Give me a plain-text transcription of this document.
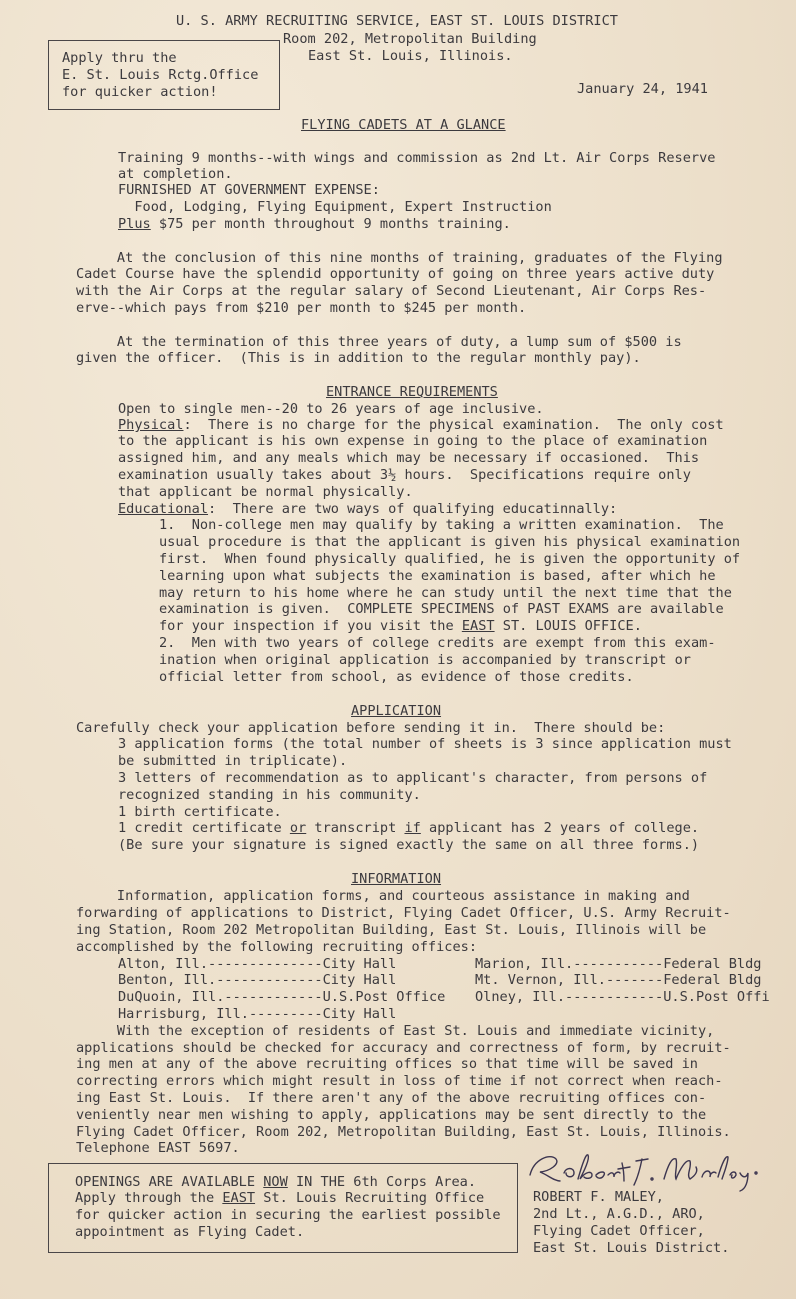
U. S. ARMY RECRUITING SERVICE, EAST ST. LOUIS DISTRICT
Room 202, Metropolitan Building
East St. Louis, Illinois.
January 24, 1941
Apply thru the
E. St. Louis Rctg.Office
for quicker action!
FLYING CADETS AT A GLANCE
Training 9 months--with wings and commission as 2nd Lt. Air Corps Reserve
at completion.
FURNISHED AT GOVERNMENT EXPENSE:
Food, Lodging, Flying Equipment, Expert Instruction
Plus $75 per month throughout 9 months training.
At the conclusion of this nine months of training, graduates of the Flying
Cadet Course have the splendid opportunity of going on three years active duty
with the Air Corps at the regular salary of Second Lieutenant, Air Corps Res-
erve--which pays from $210 per month to $245 per month.
At the termination of this three years of duty, a lump sum of $500 is
given the officer.  (This is in addition to the regular monthly pay).
ENTRANCE REQUIREMENTS
Open to single men--20 to 26 years of age inclusive.
Physical:  There is no charge for the physical examination.  The only cost
to the applicant is his own expense in going to the place of examination
assigned him, and any meals which may be necessary if occasioned.  This
examination usually takes about 3½ hours.  Specifications require only
that applicant be normal physically.
Educational:  There are two ways of qualifying educatinnally:
1.  Non-college men may qualify by taking a written examination.  The
usual procedure is that the applicant is given his physical examination
first.  When found physically qualified, he is given the opportunity of
learning upon what subjects the examination is based, after which he
may return to his home where he can study until the next time that the
examination is given.  COMPLETE SPECIMENS of PAST EXAMS are available
for your inspection if you visit the EAST ST. LOUIS OFFICE.
2.  Men with two years of college credits are exempt from this exam-
ination when original application is accompanied by transcript or
official letter from school, as evidence of those credits.
APPLICATION
Carefully check your application before sending it in.  There should be:
3 application forms (the total number of sheets is 3 since application must
be submitted in triplicate).
3 letters of recommendation as to applicant's character, from persons of
recognized standing in his community.
1 birth certificate.
1 credit certificate or transcript if applicant has 2 years of college.
(Be sure your signature is signed exactly the same on all three forms.)
INFORMATION
Information, application forms, and courteous assistance in making and
forwarding of applications to District, Flying Cadet Officer, U.S. Army Recruit-
ing Station, Room 202 Metropolitan Building, East St. Louis, Illinois will be
accomplished by the following recruiting offices:
Alton, Ill.--------------City Hall
Benton, Ill.-------------City Hall
DuQuoin, Ill.------------U.S.Post Office
Harrisburg, Ill.---------City Hall
Marion, Ill.-----------Federal Bldg
Mt. Vernon, Ill.-------Federal Bldg
Olney, Ill.------------U.S.Post Offi
With the exception of residents of East St. Louis and immediate vicinity,
applications should be checked for accuracy and correctness of form, by recruit-
ing men at any of the above recruiting offices so that time will be saved in
correcting errors which might result in loss of time if not correct when reach-
ing East St. Louis.  If there aren't any of the above recruiting offices con-
veniently near men wishing to apply, applications may be sent directly to the
Flying Cadet Officer, Room 202, Metropolitan Building, East St. Louis, Illinois.
Telephone EAST 5697.
OPENINGS ARE AVAILABLE NOW IN THE 6th Corps Area.
Apply through the EAST St. Louis Recruiting Office
for quicker action in securing the earliest possible
appointment as Flying Cadet.
ROBERT F. MALEY,
2nd Lt., A.G.D., ARO,
Flying Cadet Officer,
East St. Louis District.
